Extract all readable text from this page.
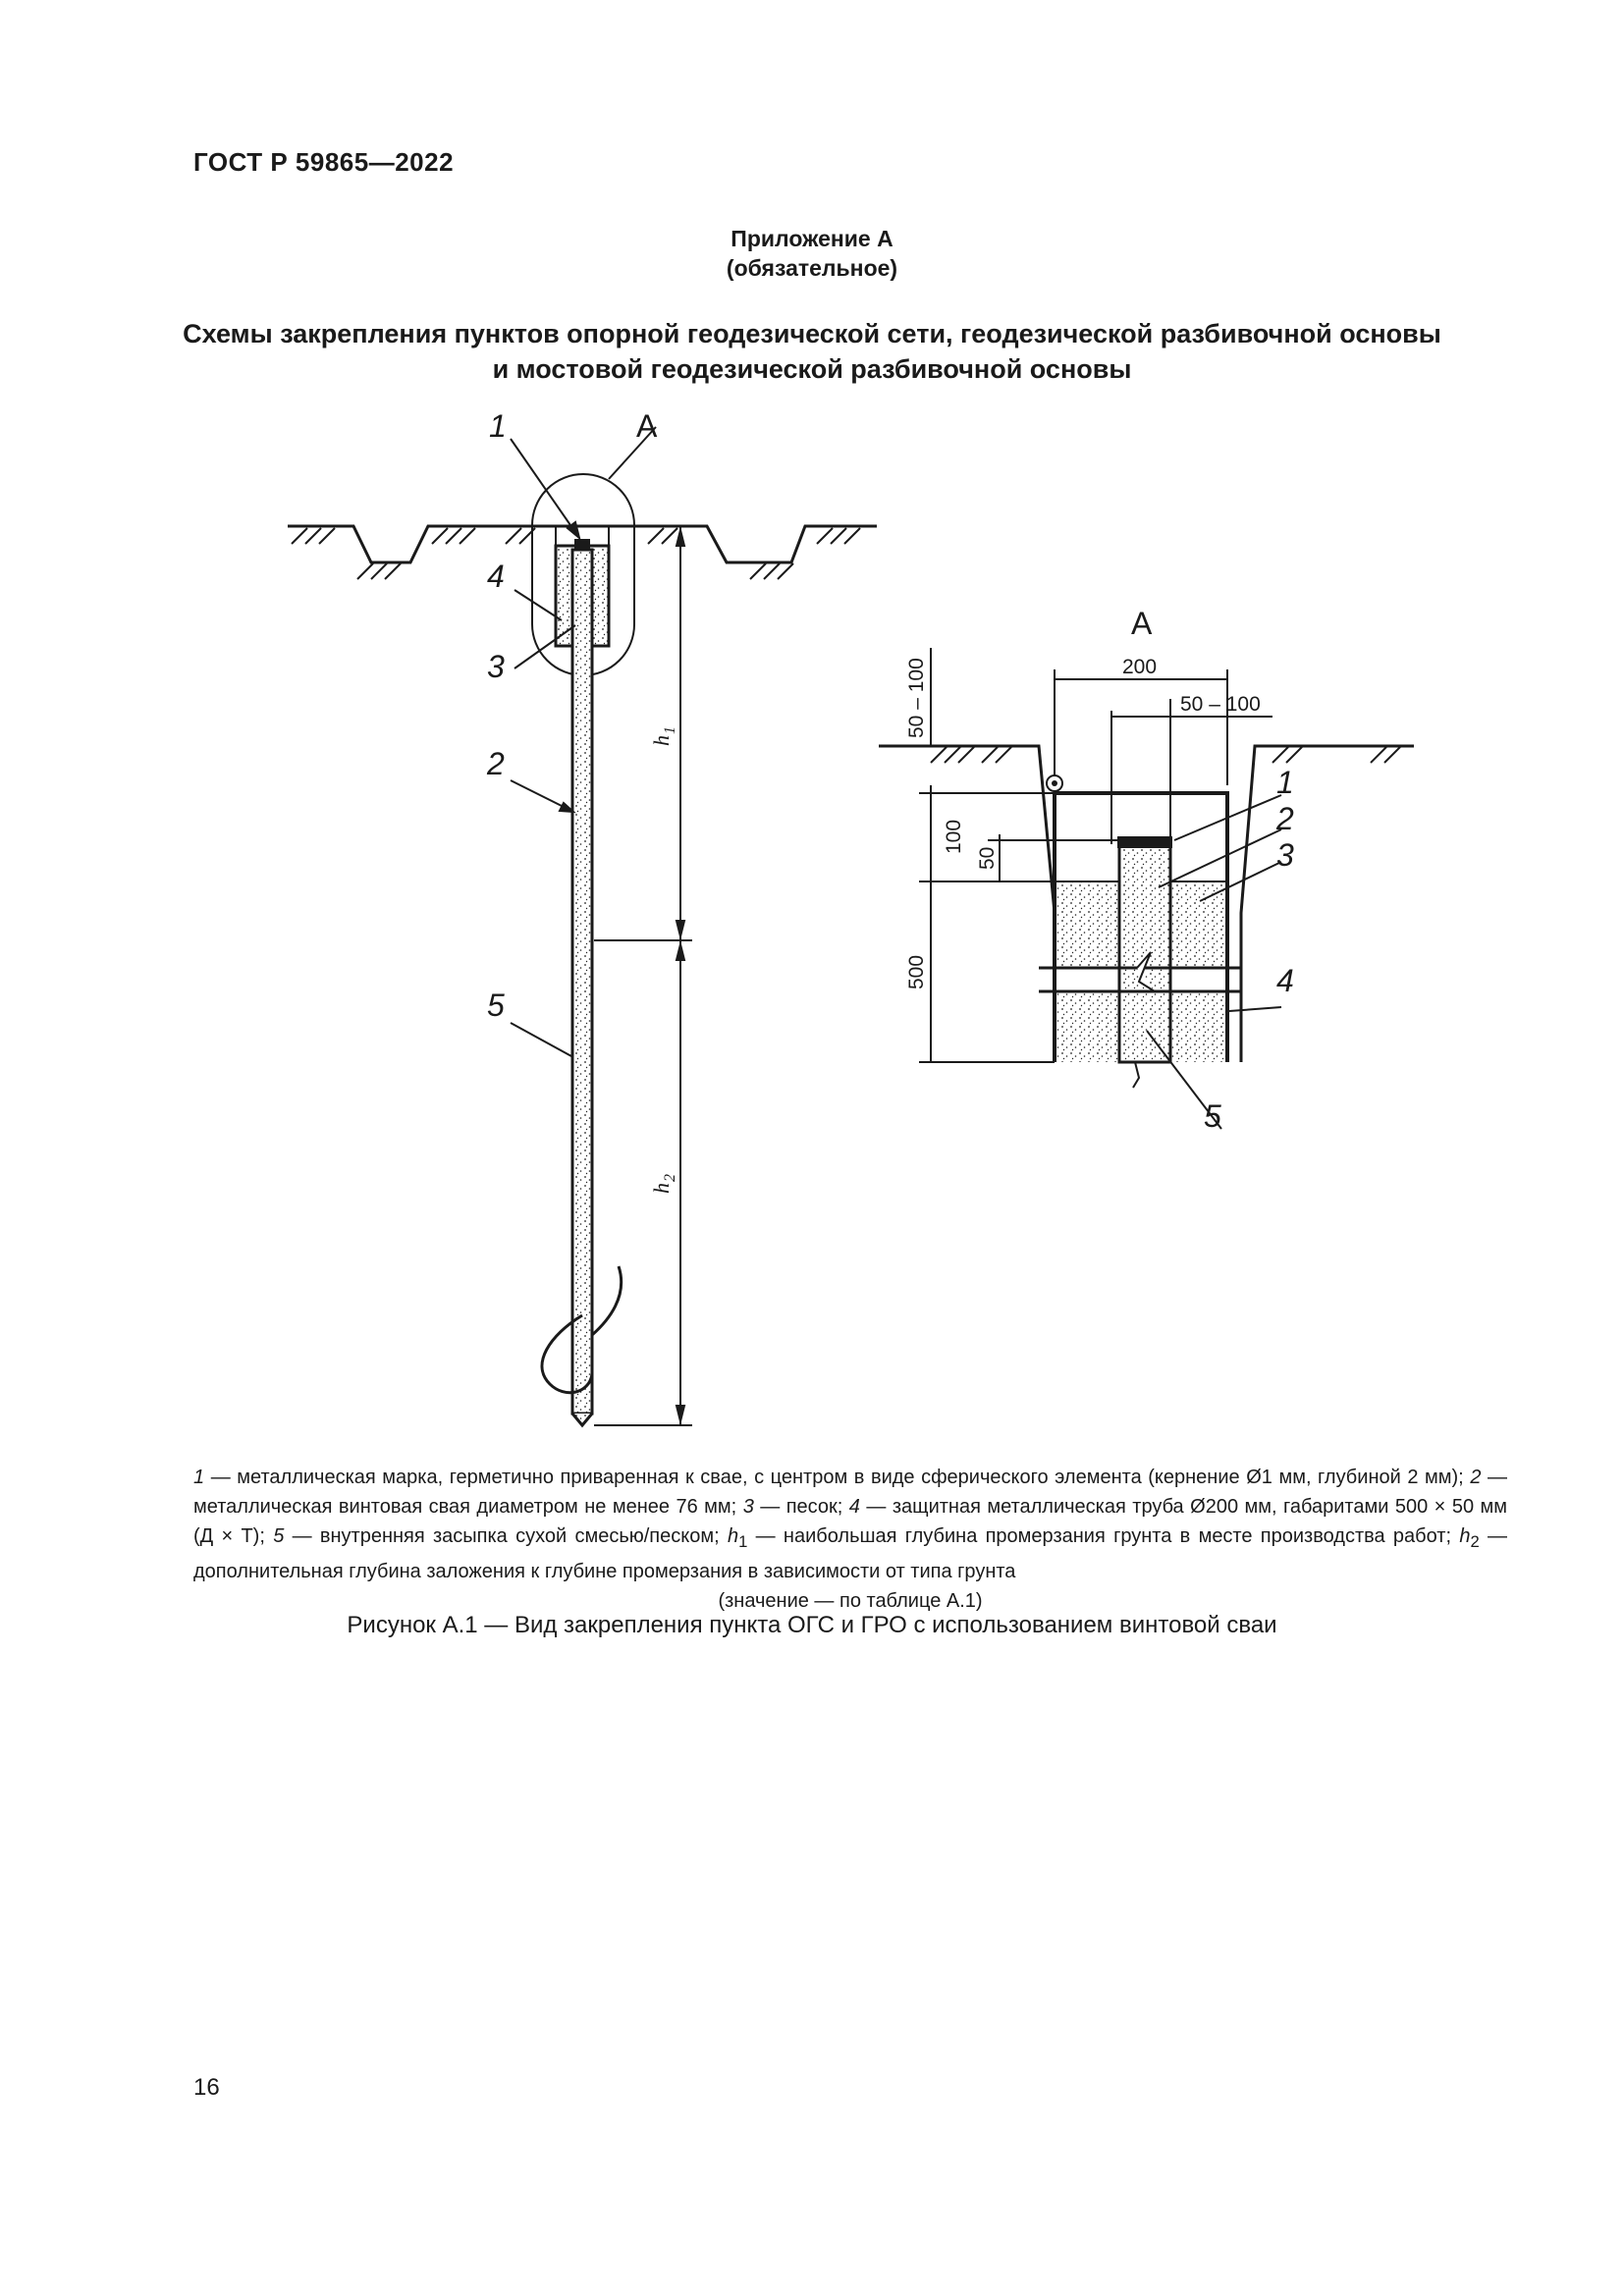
ГОСТ Р 59865—2022
Приложение А
(обязательное)
Схемы закрепления пунктов опорной геодезической сети, геодезической разбивочной основы
и мостовой геодезической разбивочной основы
1	А
4
3
2
5
h
1
h
2
А
200
50 – 100
50 – 100
100
50
500
1
2
3
4
5
1 — металлическая марка, герметично приваренная к свае, с центром в виде сферического элемента (кернение Ø1 мм, глубиной 2 мм); 2 — металлическая винтовая свая диаметром не менее 76 мм; 3 — песок; 4 — защитная металлическая труба Ø200 мм, габаритами 500 × 50 мм (Д × Т); 5 — внутренняя засыпка сухой смесью/песком; $h_1$ — наибольшая глубина промерзания грунта в месте производства работ; $h_2$ — дополнительная глубина заложения к глубине промерзания в зависимости от типа грунта
(значение — по таблице А.1)
Рисунок А.1 — Вид закрепления пункта ОГС и ГРО с использованием винтовой сваи
16
